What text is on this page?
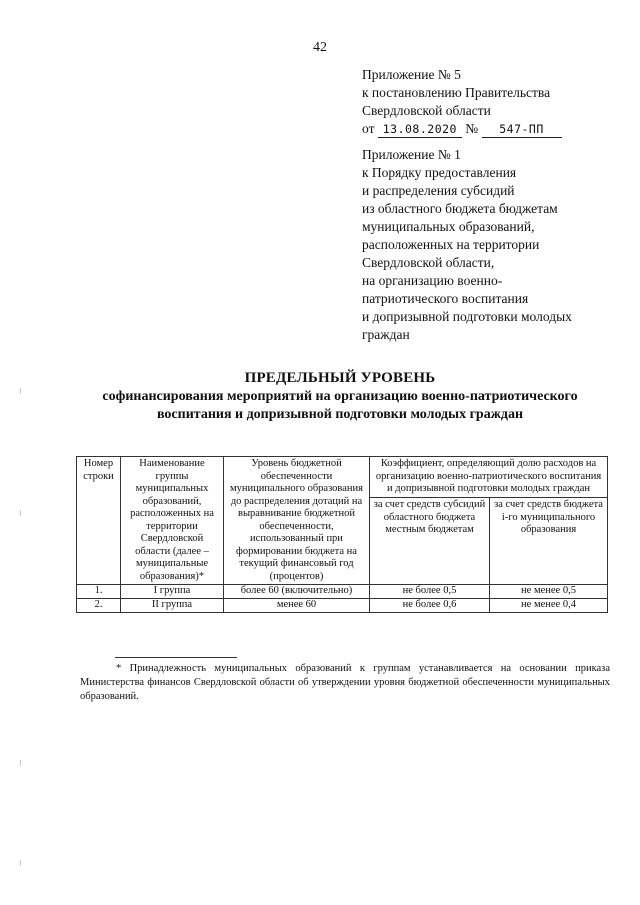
42
Приложение № 5
к постановлению Правительства
Свердловской области
от 13.08.2020 № 547-ПП
Приложение № 1
к Порядку предоставления
и распределения субсидий
из областного бюджета бюджетам
муниципальных образований,
расположенных на территории
Свердловской области,
на организацию военно-
патриотического воспитания
и допризывной подготовки молодых
граждан
ПРЕДЕЛЬНЫЙ УРОВЕНЬ
софинансирования мероприятий на организацию военно-патриотического
воспитания и допризывной подготовки молодых граждан
Номер строки	Наименование группы муниципальных образований, расположенных на территории Свердловской области (далее – муниципальные образования)*	Уровень бюджетной обеспеченности муниципального образования до распределения дотаций на выравнивание бюджетной обеспеченности, использованный при формировании бюджета на текущий финансовый год (процентов)	Коэффициент, определяющий долю расходов на организацию военно-патриотического воспитания и допризывной подготовки молодых граждан	
			за счет средств субсидий областного бюджета местным бюджетам	за счет средств бюджета i-го муниципального образования
1.	I группа	более 60 (включительно)	не более 0,5	не менее 0,5
2.	II группа	менее 60	не более 0,6	не менее 0,4
* Принадлежность муниципальных образований к группам устанавливается на основании приказа Министерства финансов Свердловской области об утверждении уровня бюджетной обеспеченности муниципальных образований.
